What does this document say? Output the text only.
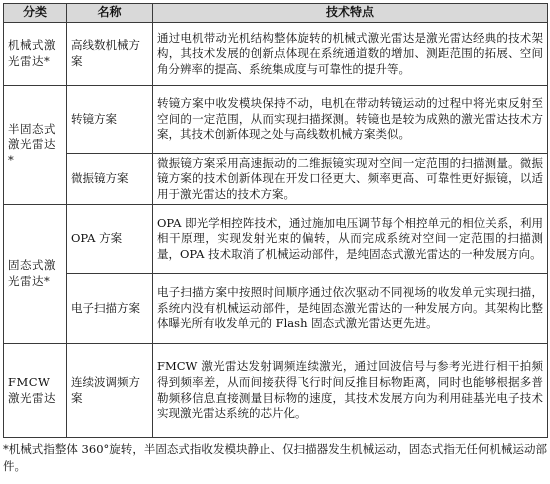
分类	名称	技术特点
机械式激光雷达*	高线数机械方案	通过电机带动光机结构整体旋转的机械式激光雷达是激光雷达经典的技术架构，其技术发展的创新点体现在系统通道数的增加、测距范围的拓展、空间角分辨率的提高、系统集成度与可靠性的提升等。
半固态式激光雷达*	转镜方案	转镜方案中收发模块保持不动，电机在带动转镜运动的过程中将光束反射至空间的一定范围，从而实现扫描探测。转镜也是较为成熟的激光雷达技术方案，其技术创新体现之处与高线数机械方案类似。
	微振镜方案	微振镜方案采用高速振动的二维振镜实现对空间一定范围的扫描测量。微振镜方案的技术创新体现在开发口径更大、频率更高、可靠性更好振镜，以适用于激光雷达的技术方案。
固态式激光雷达*	OPA 方案	OPA 即光学相控阵技术，通过施加电压调节每个相控单元的相位关系，利用相干原理，实现发射光束的偏转，从而完成系统对空间一定范围的扫描测量，OPA 技术取消了机械运动部件，是纯固态式激光雷达的一种发展方向。
	电子扫描方案	电子扫描方案中按照时间顺序通过依次驱动不同视场的收发单元实现扫描，系统内没有机械运动部件，是纯固态激光雷达的一种发展方向。其架构比整体曝光所有收发单元的 Flash 固态式激光雷达更先进。
FMCW 激光雷达	连续波调频方案	FMCW 激光雷达发射调频连续激光，通过回波信号与参考光进行相干拍频得到频率差，从而间接获得飞行时间反推目标物距离，同时也能够根据多普勒频移信息直接测量目标物的速度，其技术发展方向为利用硅基光电子技术实现激光雷达系统的芯片化。
*机械式指整体 360°旋转，半固态式指收发模块静止、仅扫描器发生机械运动，固态式指无任何机械运动部件。
